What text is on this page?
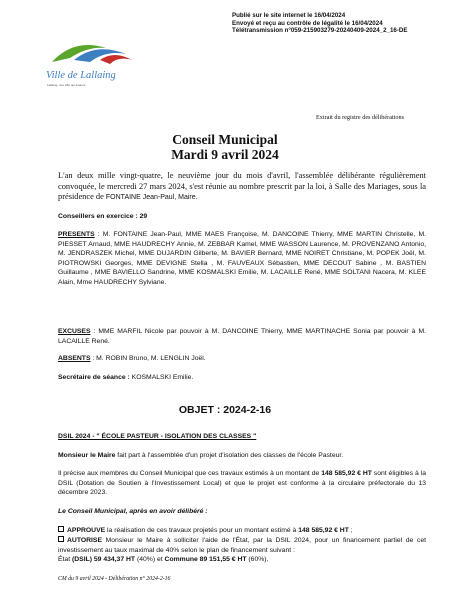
Publié sur le site internet le 16/04/2024
Envoyé et reçu au contrôle de légalité le 16/04/2024
Télétransmission n°059-215903279-20240409-2024_2_16-DE
Ville de Lallaing
Lallaing, une ville qui avance
Extrait du registre des délibérations
Conseil Municipal
Mardi 9 avril 2024
L'an deux mille vingt-quatre, le neuvième jour du mois d'avril, l'assemblée délibérante régulièrement convoquée, le mercredi 27 mars 2024, s'est réunie au nombre prescrit par la loi, à Salle des Mariages, sous la présidence de FONTAINE Jean-Paul, Maire.
Conseillers en exercice : 29
PRESENTS : M. FONTAINE Jean-Paul, MME MAES Françoise, M. DANCOINE Thierry, MME MARTIN Christelle, M. PIESSET Arnaud, MME HAUDRECHY Annie, M. ZEBBAR Kamel, MME WASSON Laurence, M. PROVENZANO Antonio, M. JENDRASZEK Michel, MME DUJARDIN Gilberte, M. BAVIER Bernard, MME NOIRET Christiane, M. POPEK Joël, M. PIOTROWSKI Georges, MME DEVIGNE Stella , M. FAUVEAUX Sébastien, MME DECOUT Sabine , M. BASTIEN Guillaume , MME BAVIELLO Sandrine, MME KOSMALSKI Emilie, M. LACAILLE René, MME SOLTANI Nacera, M. KLEE Alain, Mme HAUDRECHY Sylviane.
EXCUSES : MME MARFIL Nicole par pouvoir à M. DANCOINE Thierry, MME MARTINACHE Sonia par pouvoir à M. LACAILLE René.
ABSENTS : M. ROBIN Bruno, M. LENGLIN Joël.
Secrétaire de séance : KOSMALSKI Emilie.
OBJET : 2024-2-16
DSIL 2024 - " ÉCOLE PASTEUR - ISOLATION DES CLASSES "
Monsieur le Maire fait part à l'assemblée d'un projet d'isolation des classes de l'école Pasteur.
Il précise aux membres du Conseil Municipal que ces travaux estimés à un montant de 148 585,92 € HT sont éligibles à la DSIL (Dotation de Soutien à l'Investissement Local) et que le projet est conforme à la circulaire préfectorale du 13 décembre 2023.
Le Conseil Municipal, après en avoir délibéré :
APPROUVE la réalisation de ces travaux projetés pour un montant estimé à 148 585,92 € HT ;
AUTORISE Monsieur le Maire à solliciter l'aide de l'État, par la DSIL 2024, pour un financement partiel de cet investissement au taux maximal de 40% selon le plan de financement suivant :
État (DSIL) 59 434,37 HT (40%) et Commune 89 151,55 € HT (60%),
CM du 9 avril 2024 - Délibération n° 2024-2-16
